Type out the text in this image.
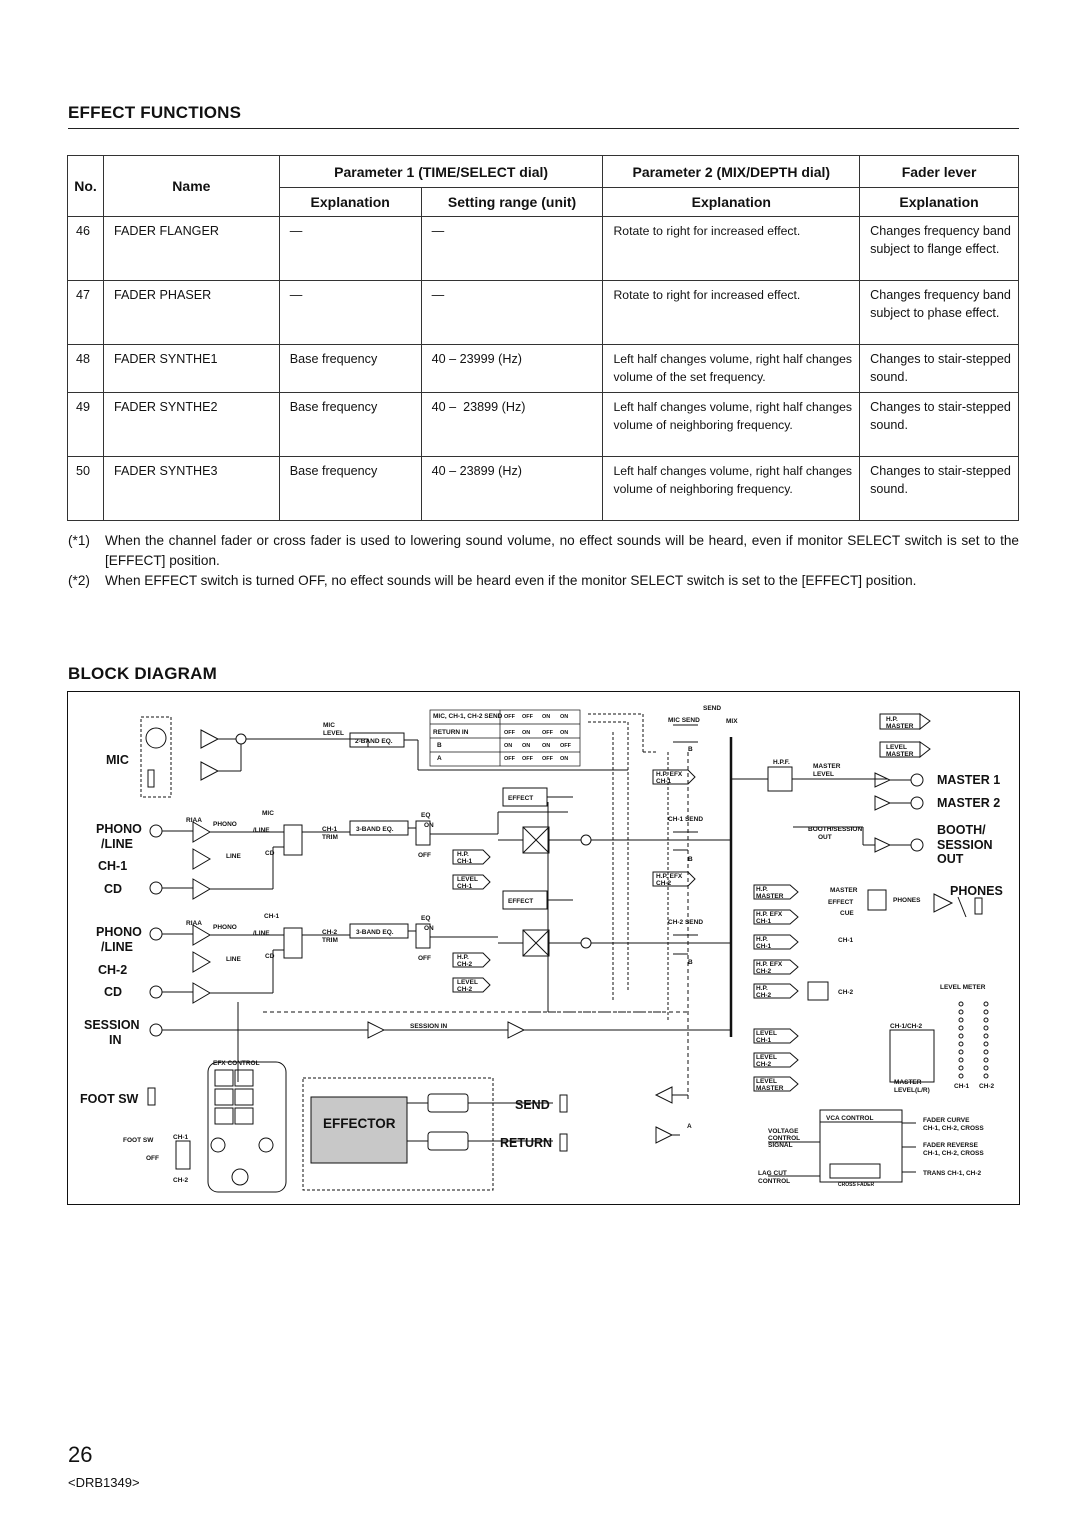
EFFECT FUNCTIONS
No.	Name	Parameter 1 (TIME/SELECT dial)		Parameter 2 (MIX/DEPTH dial)	Fader lever
		Explanation	Setting range (unit)	Explanation	Explanation
46	FADER FLANGER	—	—	Rotate to right for increased effect.	Changes frequency band subject to flange effect.
47	FADER PHASER	—	—	Rotate to right for increased effect.	Changes frequency band subject to phase effect.
48	FADER SYNTHE1	Base frequency	40 – 23999 (Hz)	Left half changes volume, right half changes volume of the set frequency.	Changes to stair-stepped sound.
49	FADER SYNTHE2	Base frequency	40 –  23899 (Hz)	Left half changes volume, right half changes volume of neighboring frequency.	Changes to stair-stepped sound.
50	FADER SYNTHE3	Base frequency	40 – 23899 (Hz)	Left half changes volume, right half changes volume of neighboring frequency.	Changes to stair-stepped sound.
(*1)	When the channel fader or cross fader is used to lowering sound volume, no effect sounds will be heard, even if monitor SELECT switch is set to the [EFFECT] position.
(*2)	When EFFECT switch is turned OFF, no effect sounds will be heard even if the monitor SELECT switch is set to the [EFFECT] position.
BLOCK DIAGRAM
MIC
PHONO
/LINE
CH-1
CD
PHONO
/LINE
CH-2
CD
SESSION
IN
FOOT SW
EFFECTOR
SEND
RETURN
MASTER 1
MASTER 2
BOOTH/
SESSION
OUT
PHONES
MIC
LEVEL
2-BAND EQ.
3-BAND EQ.
3-BAND EQ.
RIAA
RIAA
PHONO
PHONO
/LINE
/LINE
LINE
LINE
CD
CD
MIC
CH-1
CH-1
TRIM
CH-2
TRIM
EQ
ON
OFF
EQ
ON
OFF
EFFECT
EFFECT
H.P.
CH-1
H.P.
CH-2
LEVEL
CH-1
LEVEL
CH-2
SEND
MIC SEND	MIX
CH-1 SEND
CH-2 SEND
H.P. EFX
CH-1
H.P. EFX
CH-2
SESSION IN
EFX CONTROL
FOOT SW
OFF
CH-1
CH-2
MIC, CH-1, CH-2 SEND
RETURN IN
B
A
B
B
B
A
H.P.
MASTER
LEVEL
MASTER
H.P.F.
MASTER
LEVEL
BOOTH/SESSION
OUT
H.P.
MASTER
MASTER
EFFECT
CUE
PHONES
H.P. EFX
CH-1
H.P.
CH-1
H.P. EFX
CH-2
H.P.
CH-2
CH-1
CH-2
LEVEL METER
CH-1/CH-2
LEVEL
CH-1
LEVEL
CH-2
LEVEL
MASTER
MASTER
LEVEL(L/R)
CH-1 CH-2
VCA CONTROL
VOLTAGE
CONTROL
SIGNAL
LAG CUT
CONTROL	CROSS FADER
FADER CURVE
CH-1, CH-2, CROSS
FADER REVERSE
CH-1, CH-2, CROSS
TRANS CH-1, CH-2
OFF OFF ON ON
OFF ON OFF ON
ON ON ON OFF
OFF OFF OFF ON
26
<DRB1349>
